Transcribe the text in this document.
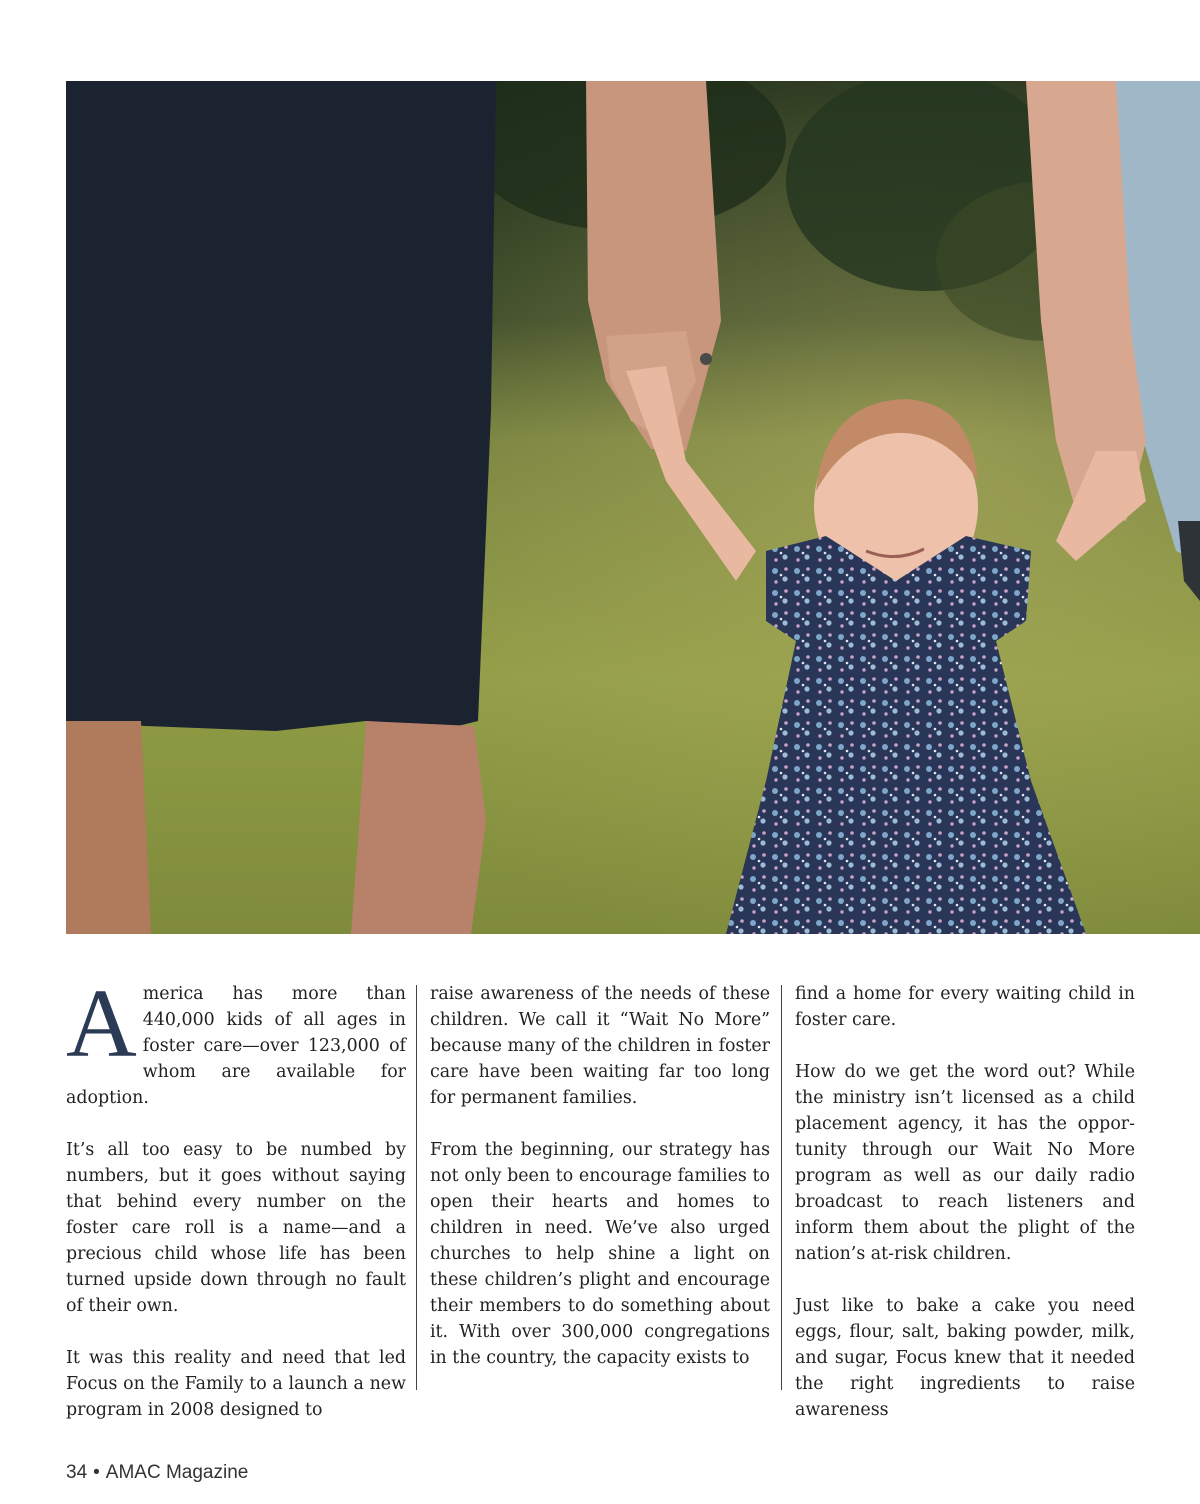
America has more than 440,000 kids of all ages in foster care—over 123,000 of whom are available for adoption.

It’s all too easy to be numbed by numbers, but it goes without saying that behind every number on the foster care roll is a name—and a precious child whose life has been turned upside down through no fault of their own.

It was this reality and need that led Focus on the Family to a launch a new program in 2008 designed to

raise awareness of the needs of these children. We call it “Wait No More” because many of the children in foster care have been waiting far too long for permanent families.

From the beginning, our strategy has not only been to encourage families to open their hearts and homes to children in need. We’ve also urged churches to help shine a light on these children’s plight and encourage their members to do something about it. With over 300,000 congregations in the country, the capacity exists to

find a home for every waiting child in foster care.

How do we get the word out? While the ministry isn’t licensed as a child placement agency, it has the opportunity through our Wait No More program as well as our daily radio broadcast to reach listeners and inform them about the plight of the nation’s at-risk children.

Just like to bake a cake you need eggs, flour, salt, baking powder, milk, and sugar, Focus knew that it needed the right ingredients to raise awareness

34 • AMAC Magazine
